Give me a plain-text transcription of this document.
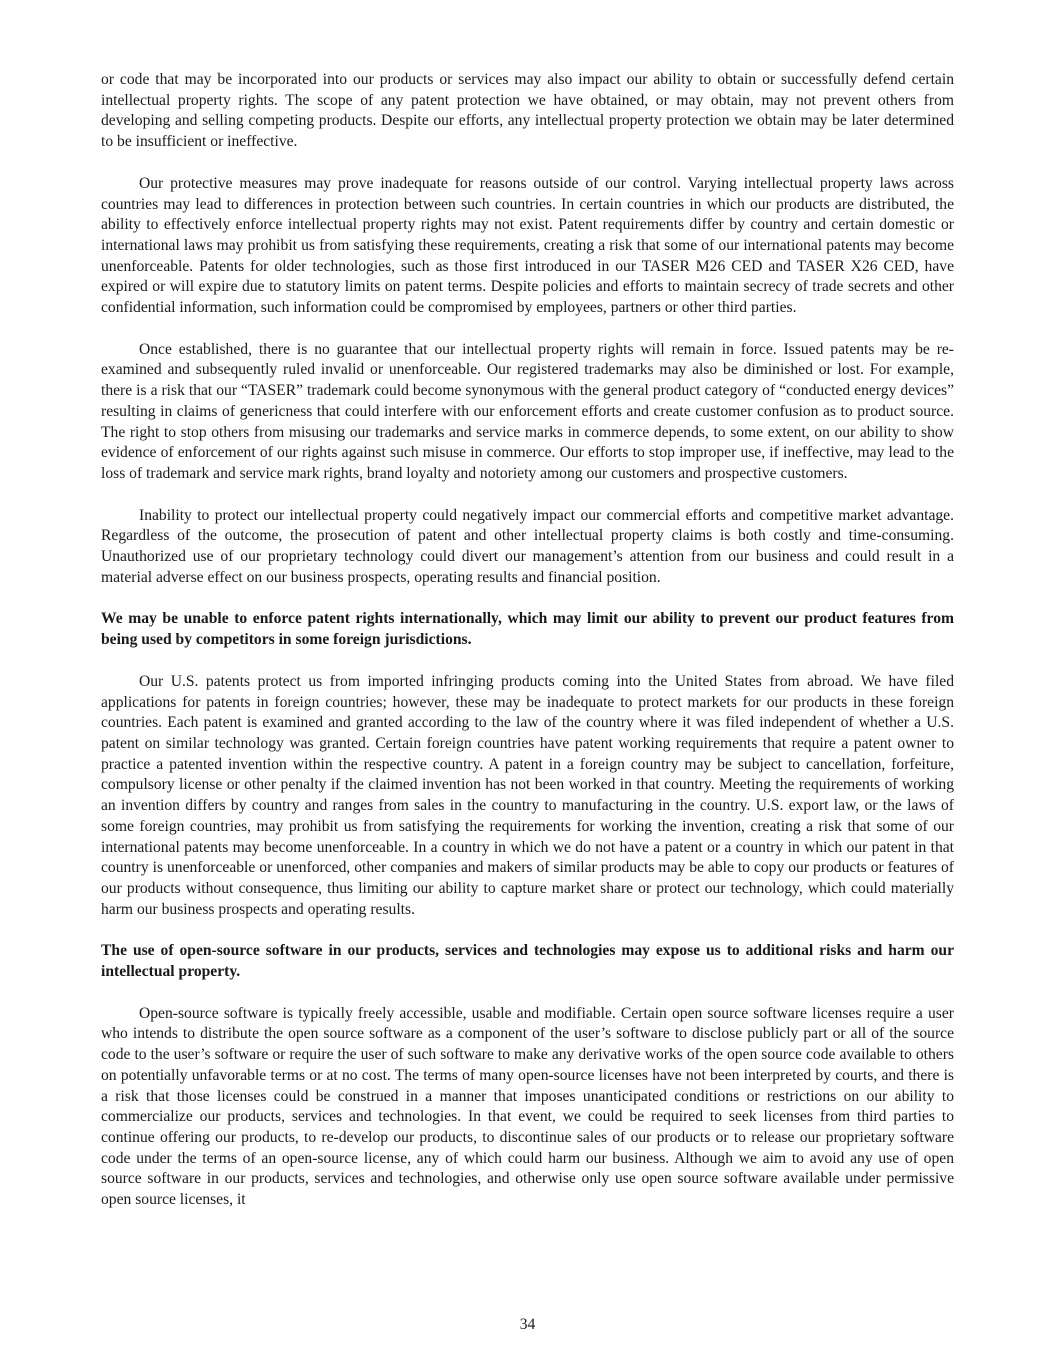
or code that may be incorporated into our products or services may also impact our ability to obtain or successfully defend certain intellectual property rights. The scope of any patent protection we have obtained, or may obtain, may not prevent others from developing and selling competing products. Despite our efforts, any intellectual property protection we obtain may be later determined to be insufficient or ineffective.

Our protective measures may prove inadequate for reasons outside of our control. Varying intellectual property laws across countries may lead to differences in protection between such countries. In certain countries in which our products are distributed, the ability to effectively enforce intellectual property rights may not exist. Patent requirements differ by country and certain domestic or international laws may prohibit us from satisfying these requirements, creating a risk that some of our international patents may become unenforceable. Patents for older technologies, such as those first introduced in our TASER M26 CED and TASER X26 CED, have expired or will expire due to statutory limits on patent terms. Despite policies and efforts to maintain secrecy of trade secrets and other confidential information, such information could be compromised by employees, partners or other third parties.

Once established, there is no guarantee that our intellectual property rights will remain in force. Issued patents may be re-examined and subsequently ruled invalid or unenforceable. Our registered trademarks may also be diminished or lost. For example, there is a risk that our “TASER” trademark could become synonymous with the general product category of “conducted energy devices” resulting in claims of genericness that could interfere with our enforcement efforts and create customer confusion as to product source. The right to stop others from misusing our trademarks and service marks in commerce depends, to some extent, on our ability to show evidence of enforcement of our rights against such misuse in commerce. Our efforts to stop improper use, if ineffective, may lead to the loss of trademark and service mark rights, brand loyalty and notoriety among our customers and prospective customers.

Inability to protect our intellectual property could negatively impact our commercial efforts and competitive market advantage. Regardless of the outcome, the prosecution of patent and other intellectual property claims is both costly and time-consuming. Unauthorized use of our proprietary technology could divert our management’s attention from our business and could result in a material adverse effect on our business prospects, operating results and financial position.

We may be unable to enforce patent rights internationally, which may limit our ability to prevent our product features from being used by competitors in some foreign jurisdictions.

Our U.S. patents protect us from imported infringing products coming into the United States from abroad. We have filed applications for patents in foreign countries; however, these may be inadequate to protect markets for our products in these foreign countries. Each patent is examined and granted according to the law of the country where it was filed independent of whether a U.S. patent on similar technology was granted. Certain foreign countries have patent working requirements that require a patent owner to practice a patented invention within the respective country. A patent in a foreign country may be subject to cancellation, forfeiture, compulsory license or other penalty if the claimed invention has not been worked in that country. Meeting the requirements of working an invention differs by country and ranges from sales in the country to manufacturing in the country. U.S. export law, or the laws of some foreign countries, may prohibit us from satisfying the requirements for working the invention, creating a risk that some of our international patents may become unenforceable. In a country in which we do not have a patent or a country in which our patent in that country is unenforceable or unenforced, other companies and makers of similar products may be able to copy our products or features of our products without consequence, thus limiting our ability to capture market share or protect our technology, which could materially harm our business prospects and operating results.

The use of open-source software in our products, services and technologies may expose us to additional risks and harm our intellectual property.

Open-source software is typically freely accessible, usable and modifiable. Certain open source software licenses require a user who intends to distribute the open source software as a component of the user’s software to disclose publicly part or all of the source code to the user’s software or require the user of such software to make any derivative works of the open source code available to others on potentially unfavorable terms or at no cost. The terms of many open-source licenses have not been interpreted by courts, and there is a risk that those licenses could be construed in a manner that imposes unanticipated conditions or restrictions on our ability to commercialize our products, services and technologies. In that event, we could be required to seek licenses from third parties to continue offering our products, to re-develop our products, to discontinue sales of our products or to release our proprietary software code under the terms of an open-source license, any of which could harm our business. Although we aim to avoid any use of open source software in our products, services and technologies, and otherwise only use open source software available under permissive open source licenses, it

34
